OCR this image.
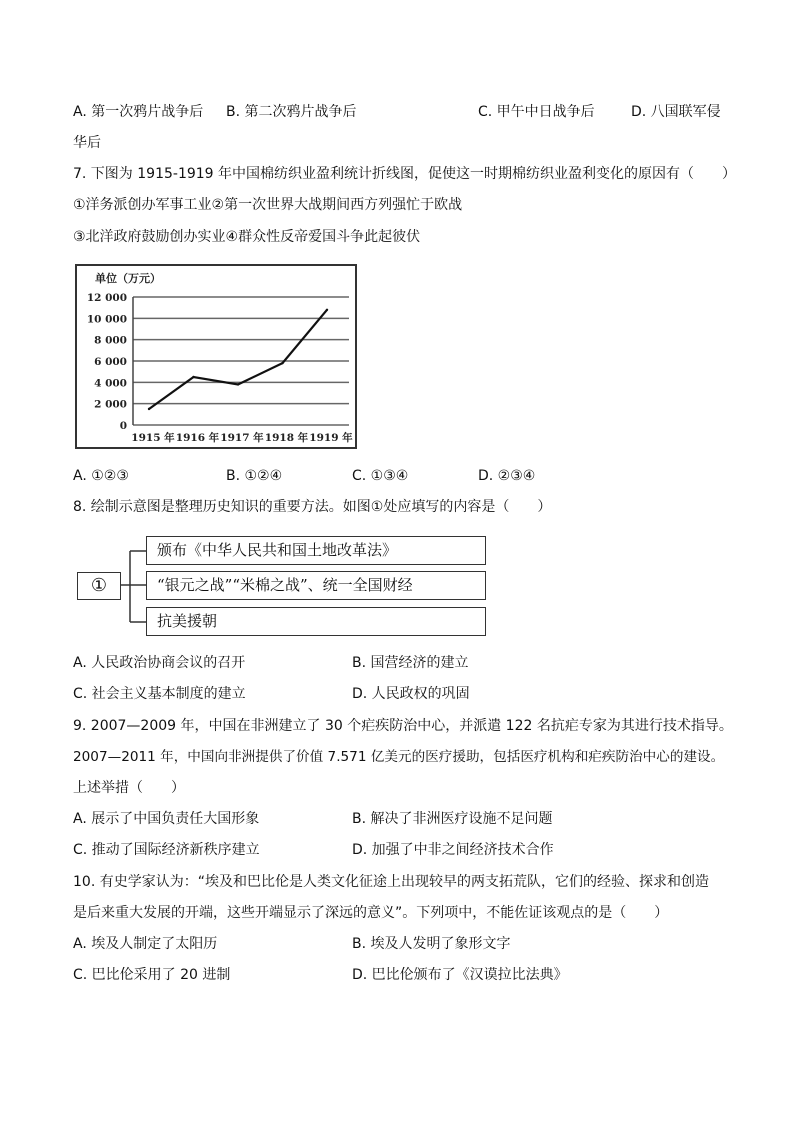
A. 第一次鸦片战争后 B. 第二次鸦片战争后	C. 甲午中日战争后	D. 八国联军侵
华后
7. 下图为 1915-1919 年中国棉纺织业盈利统计折线图，促使这一时期棉纺织业盈利变化的原因有（　　）
①洋务派创办军事工业②第一次世界大战期间西方列强忙于欧战
③北洋政府鼓励创办实业④群众性反帝爱国斗争此起彼伏
单位（万元）
0
2 000
4 000
6 000
8 000
10 000
12 000
1915 年 1916 年 1917 年 1918 年 1919 年
A. ①②③	B. ①②④	C. ①③④	D. ②③④
8. 绘制示意图是整理历史知识的重要方法。如图①处应填写的内容是（　　）
①
颁布《中华人民共和国土地改革法》
“银元之战”“米棉之战”、统一全国财经
抗美援朝
A. 人民政治协商会议的召开	B. 国营经济的建立
C. 社会主义基本制度的建立	D. 人民政权的巩固
9. 2007—2009 年，中国在非洲建立了 30 个疟疾防治中心，并派遣 122 名抗疟专家为其进行技术指导。
2007—2011 年，中国向非洲提供了价值 7.571 亿美元的医疗援助，包括医疗机构和疟疾防治中心的建设。
上述举措（　　）
A. 展示了中国负责任大国形象	B. 解决了非洲医疗设施不足问题
C. 推动了国际经济新秩序建立	D. 加强了中非之间经济技术合作
10. 有史学家认为：“埃及和巴比伦是人类文化征途上出现较早的两支拓荒队，它们的经验、探求和创造
是后来重大发展的开端，这些开端显示了深远的意义”。下列项中，不能佐证该观点的是（　　）
A. 埃及人制定了太阳历	B. 埃及人发明了象形文字
C. 巴比伦采用了 20 进制	D. 巴比伦颁布了《汉谟拉比法典》
